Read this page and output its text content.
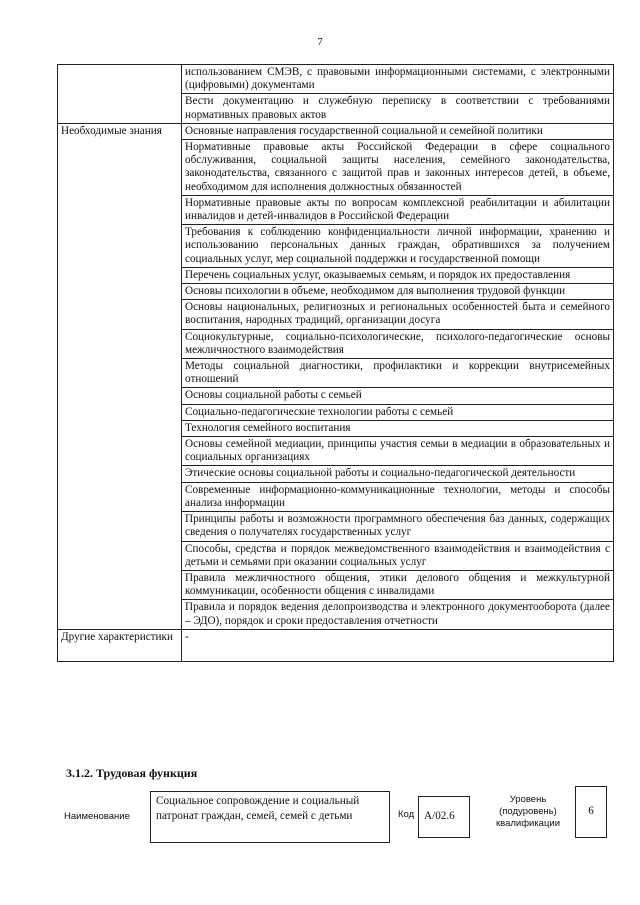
7
	использованием СМЭВ, с правовыми информационными системами, с электронными (цифровыми) документами
	Вести документацию и служебную переписку в соответствии с требованиями нормативных правовых актов
Необходимые знания	Основные направления государственной социальной и семейной политики
	Нормативные правовые акты Российской Федерации в сфере социального обслуживания, социальной защиты населения, семейного законодательства, законодательства, связанного с защитой прав и законных интересов детей, в объеме, необходимом для исполнения должностных обязанностей
	Нормативные правовые акты по вопросам комплексной реабилитации и абилитации инвалидов и детей-инвалидов в Российской Федерации
	Требования к соблюдению конфиденциальности личной информации, хранению и использованию персональных данных граждан, обратившихся за получением социальных услуг, мер социальной поддержки и государственной помощи
	Перечень социальных услуг, оказываемых семьям, и порядок их предоставления
	Основы психологии в объеме, необходимом для выполнения трудовой функции
	Основы национальных, религиозных и региональных особенностей быта и семейного воспитания, народных традиций, организации досуга
	Социокультурные, социально-психологические, психолого-педагогические основы межличностного взаимодействия
	Методы социальной диагностики, профилактики и коррекции внутрисемейных отношений
	Основы социальной работы с семьей
	Социально-педагогические технологии работы с семьей
	Технология семейного воспитания
	Основы семейной медиации, принципы участия семьи в медиации в образовательных и социальных организациях
	Этические основы социальной работы и социально-педагогической деятельности
	Современные информационно-коммуникационные технологии, методы и способы анализа информации
	Принципы работы и возможности программного обеспечения баз данных, содержащих сведения о получателях государственных услуг
	Способы, средства и порядок межведомственного взаимодействия и взаимодействия с детьми и семьями при оказании социальных услуг
	Правила межличностного общения, этики делового общения и межкультурной коммуникации, особенности общения с инвалидами
	Правила и порядок ведения делопроизводства и электронного документооборота (далее – ЭДО), порядок и сроки предоставления отчетности
Другие характеристики	-
3.1.2. Трудовая функция
Наименование
Социальное сопровождение и социальный патронат граждан, семей, семей с детьми	Код А/02.6
Уровень (подуровень) квалификации
6
